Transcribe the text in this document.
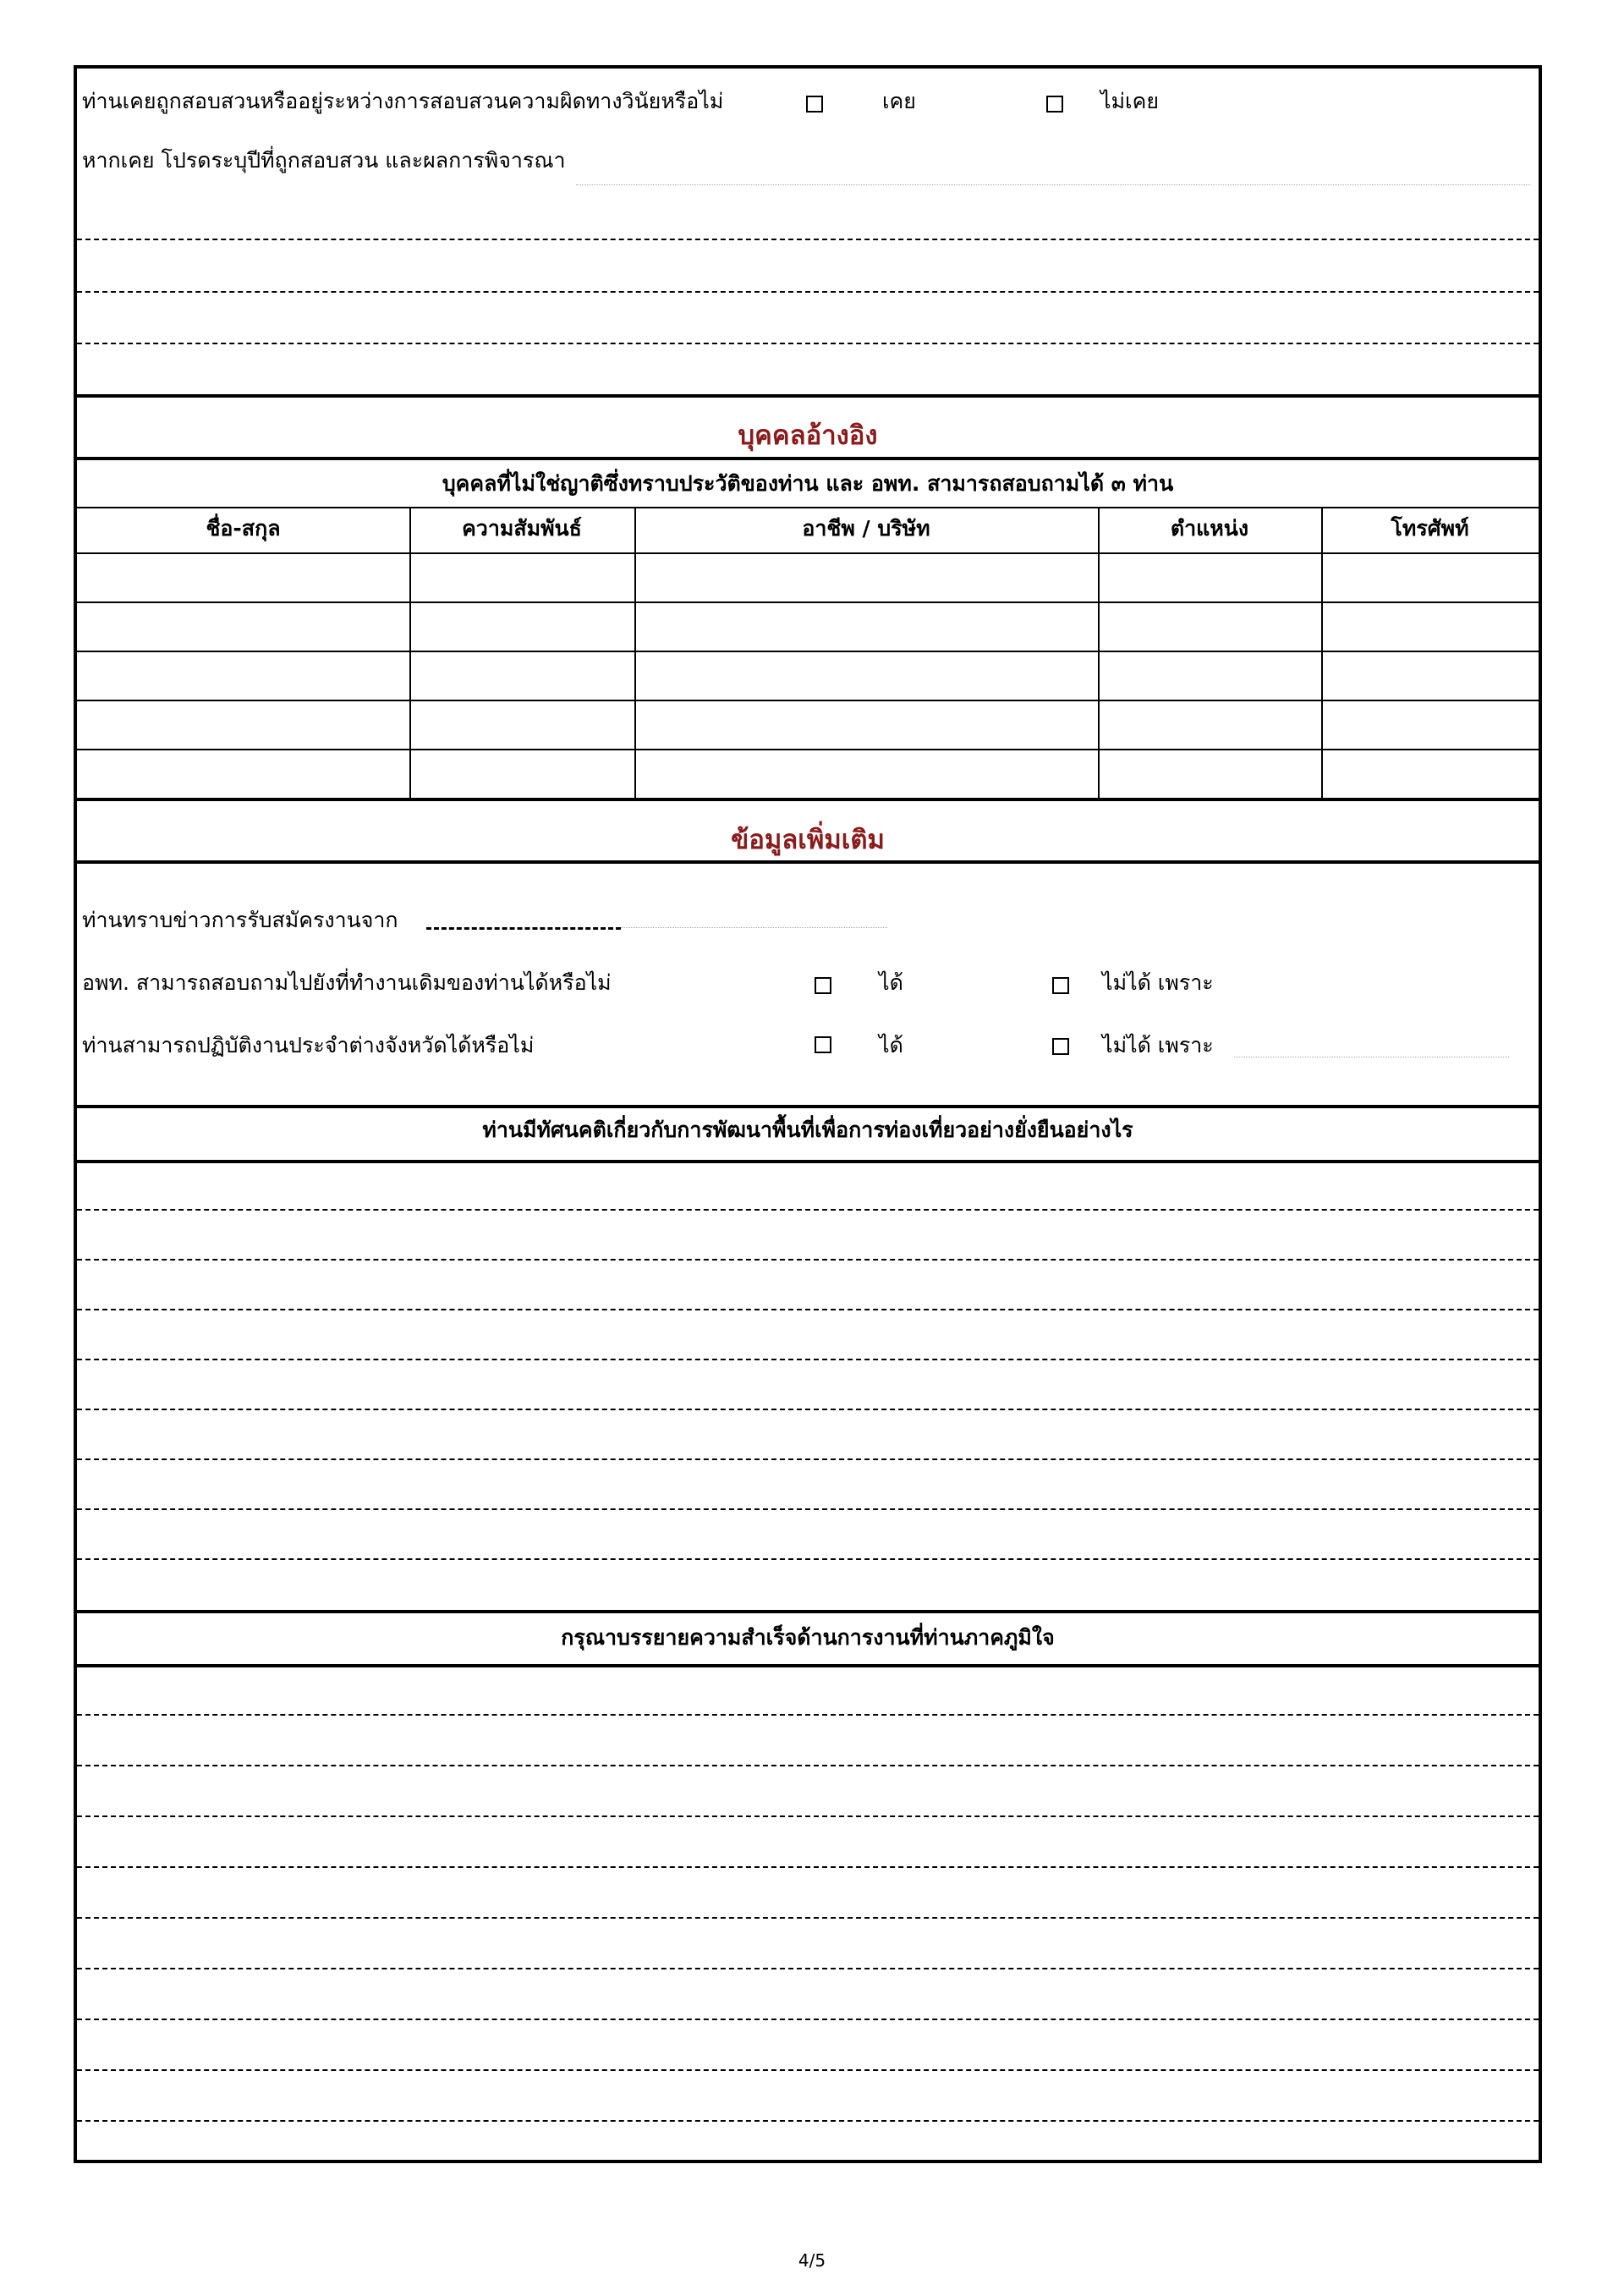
ท่านเคยถูกสอบสวนหรืออยู่ระหว่างการสอบสวนความผิดทางวินัยหรือไม่	เคย	ไม่เคย
หากเคย โปรดระบุปีที่ถูกสอบสวน และผลการพิจารณา
บุคคลอ้างอิง
บุคคลที่ไม่ใช่ญาติซึ่งทราบประวัติของท่าน และ อพท. สามารถสอบถามได้ ๓ ท่าน
ชื่อ-สกุล	ความสัมพันธ์	อาชีพ / บริษัท	ตำแหน่ง	โทรศัพท์
ข้อมูลเพิ่มเติม
ท่านทราบข่าวการรับสมัครงานจาก
อพท. สามารถสอบถามไปยังที่ทำงานเดิมของท่านได้หรือไม่	ได้	ไม่ได้ เพราะ
ท่านสามารถปฏิบัติงานประจำต่างจังหวัดได้หรือไม่	ได้	ไม่ได้ เพราะ
ท่านมีทัศนคติเกี่ยวกับการพัฒนาพื้นที่เพื่อการท่องเที่ยวอย่างยั่งยืนอย่างไร
กรุณาบรรยายความสำเร็จด้านการงานที่ท่านภาคภูมิใจ
4/5
